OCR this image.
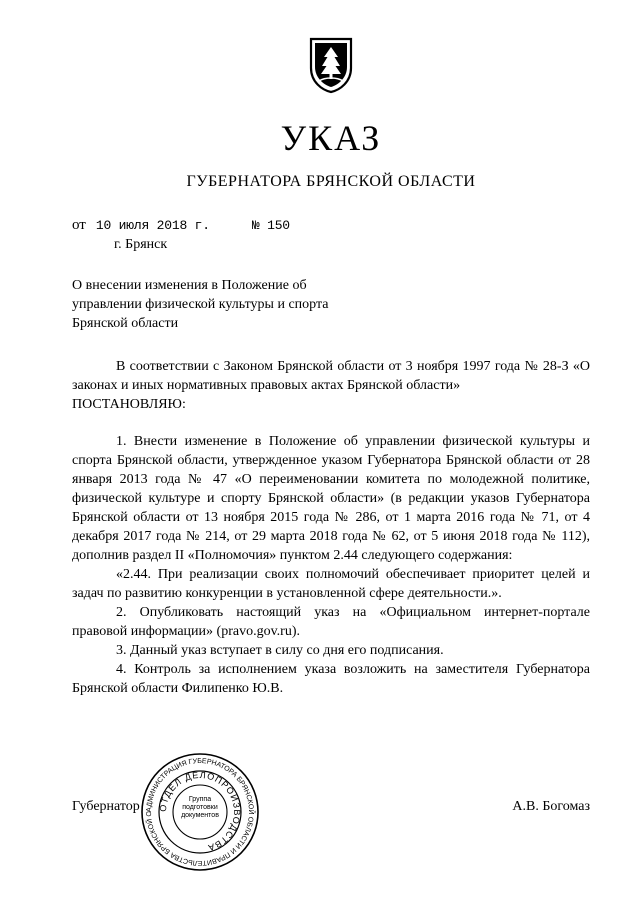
УКАЗ
ГУБЕРНАТОРА БРЯНСКОЙ ОБЛАСТИ
от 10 июля 2018 г.	№ 150
г. Брянск
О внесении изменения в Положение об управлении физической культуры и спорта Брянской области

В соответствии с Законом Брянской области от 3 ноября 1997 года № 28-З «О законах и иных нормативных правовых актах Брянской области»

ПОСТАНОВЛЯЮ:

1. Внести изменение в Положение об управлении физической культуры и спорта Брянской области, утвержденное указом Губернатора Брянской области от 28 января 2013 года № 47 «О переименовании комитета по молодежной политике, физической культуре и спорту Брянской области» (в редакции указов Губернатора Брянской области от 13 ноября 2015 года № 286, от 1 марта 2016 года № 71, от 4 декабря 2017 года № 214, от 29 марта 2018 года № 62, от 5 июня 2018 года № 112), дополнив раздел II «Полномочия» пунктом 2.44 следующего содержания:

«2.44. При реализации своих полномочий обеспечивает приоритет целей и задач по развитию конкуренции в установленной сфере деятельности.».

2. Опубликовать настоящий указ на «Официальном интернет-портале правовой информации» (pravo.gov.ru).

3. Данный указ вступает в силу со дня его подписания.

4. Контроль за исполнением указа возложить на заместителя Губернатора Брянской области Филипенко Ю.В.

Губернатор	А.В. Богомаз
АДМИНИСТРАЦИЯ ГУБЕРНАТОРА БРЯНСКОЙ ОБЛАСТИ И ПРАВИТЕЛЬСТВА БРЯНСКОЙ О
ОТДЕЛ ДЕЛОПРОИЗВОДСТВА
Группа подготовки документов
